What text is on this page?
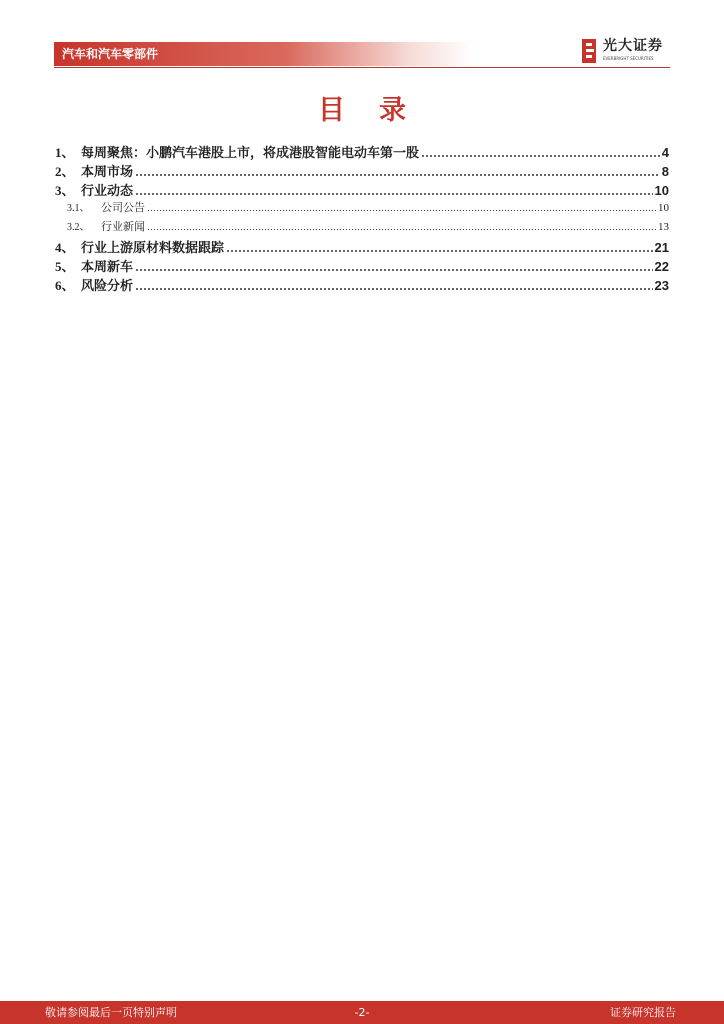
汽车和汽车零部件	光大证券
EVERBRIGHT SECURITIES
目录
1、 每周聚焦：小鹏汽车港股上市，将成港股智能电动车第一股	4
2、 本周市场	8
3、 行业动态	10
3.1、	公司公告	10
3.2、	行业新闻	13
4、 行业上游原材料数据跟踪	21
5、 本周新车	22
6、 风险分析	23
敬请参阅最后一页特别声明	-2-	证券研究报告
